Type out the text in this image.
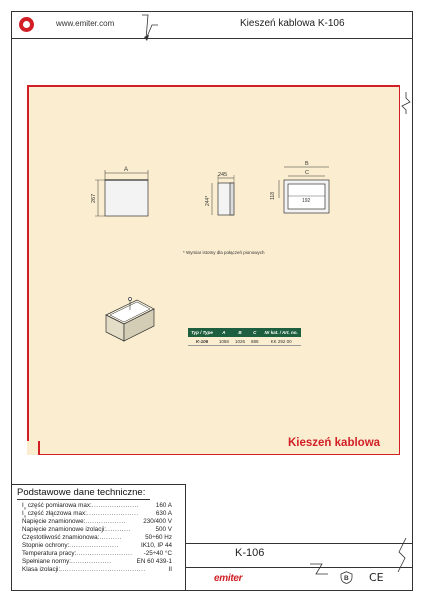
www.emiter.com	Kieszeń kablowa K-106
A
267
245
244*
B
C
118
192
* Wymiar istotny dla połączeń pionowych
Typ / Type	A	B	C	Nr kat. / Art. no.
K-106	1058	1026	888	KK 292 00
Kieszeń kablowa
Podstawowe dane techniczne:
$I_n$ część pomiarowa max: .....................	160 A
$I_n$ część złączowa max: .......................	630 A
Napięcie znamionowe: ..................	230/400 V
Napięcie znamionowe izolacji: ...........	500 V
Częstotliwość znamionowa: ..........	50÷60 Hz
Stopnie ochrony: ......................	IK10, IP 44
Temperatura pracy: .........................	-25÷40 °C
Spełniane normy: ..................	EN 60 439-1
Klasa izolacji: ......................................	II
K-106
emiter	B CE
